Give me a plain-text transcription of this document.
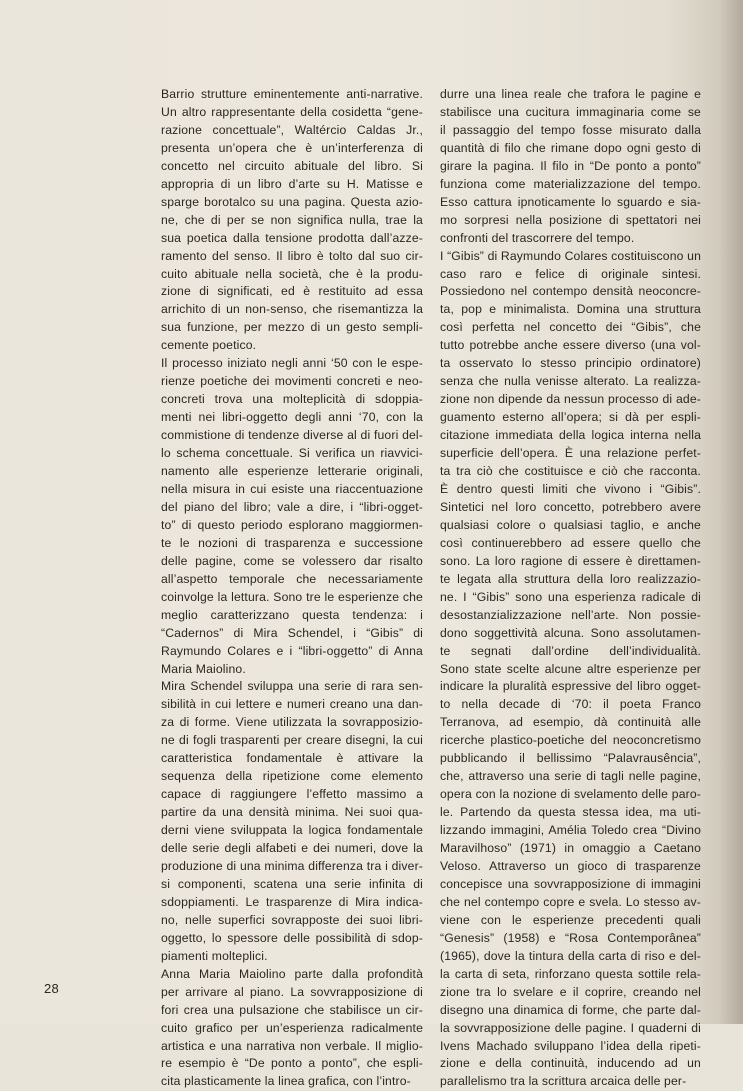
Barrio strutture eminentemente anti-narrative.
Un altro rappresentante della cosidetta “gene-
razione concettuale”, Waltércio Caldas Jr.,
presenta un’opera che è un’interferenza di
concetto nel circuito abituale del libro. Si
appropria di un libro d’arte su H. Matisse e
sparge borotalco su una pagina. Questa azio-
ne, che di per se non significa nulla, trae la
sua poetica dalla tensione prodotta dall’azze-
ramento del senso. Il libro è tolto dal suo cir-
cuito abituale nella società, che è la produ-
zione di significati, ed è restituito ad essa
arrichito di un non-senso, che risemantizza la
sua funzione, per mezzo di un gesto sempli-
cemente poetico.
Il processo iniziato negli anni ‘50 con le espe-
rienze poetiche dei movimenti concreti e neo-
concreti trova una molteplicità di sdoppia-
menti nei libri-oggetto degli anni ‘70, con la
commistione di tendenze diverse al di fuori del-
lo schema concettuale. Si verifica un riavvici-
namento alle esperienze letterarie originali,
nella misura in cui esiste una riaccentuazione
del piano del libro; vale a dire, i “libri-ogget-
to” di questo periodo esplorano maggiormen-
te le nozioni di trasparenza e successione
delle pagine, come se volessero dar risalto
all’aspetto temporale che necessariamente
coinvolge la lettura. Sono tre le esperienze che
meglio caratterizzano questa tendenza: i
“Cadernos” di Mira Schendel, i “Gibis” di
Raymundo Colares e i “libri-oggetto” di Anna
Maria Maiolino.
Mira Schendel sviluppa una serie di rara sen-
sibilità in cui lettere e numeri creano una dan-
za di forme. Viene utilizzata la sovrapposizio-
ne di fogli trasparenti per creare disegni, la cui
caratteristica fondamentale è attivare la
sequenza della ripetizione come elemento
capace di raggiungere l’effetto massimo a
partire da una densità minima. Nei suoi qua-
derni viene sviluppata la logica fondamentale
delle serie degli alfabeti e dei numeri, dove la
produzione di una minima differenza tra i diver-
si componenti, scatena una serie infinita di
sdoppiamenti. Le trasparenze di Mira indica-
no, nelle superfici sovrapposte dei suoi libri-
oggetto, lo spessore delle possibilità di sdop-
piamenti molteplici.
Anna Maria Maiolino parte dalla profondità
per arrivare al piano. La sovvrapposizione di
fori crea una pulsazione che stabilisce un cir-
cuito grafico per un’esperienza radicalmente
artistica e una narrativa non verbale. Il miglio-
re esempio è “De ponto a ponto”, che espli-
cita plasticamente la linea grafica, con l’intro-
durre una linea reale che trafora le pagine e
stabilisce una cucitura immaginaria come se
il passaggio del tempo fosse misurato dalla
quantità di filo che rimane dopo ogni gesto di
girare la pagina. Il filo in “De ponto a ponto”
funziona come materializzazione del tempo.
Esso cattura ipnoticamente lo sguardo e sia-
mo sorpresi nella posizione di spettatori nei
confronti del trascorrere del tempo.
I “Gibis” di Raymundo Colares costituiscono un
caso raro e felice di originale sintesi.
Possiedono nel contempo densità neoconcre-
ta, pop e minimalista. Domina una struttura
così perfetta nel concetto dei “Gibis”, che
tutto potrebbe anche essere diverso (una vol-
ta osservato lo stesso principio ordinatore)
senza che nulla venisse alterato. La realizza-
zione non dipende da nessun processo di ade-
guamento esterno all’opera; si dà per espli-
citazione immediata della logica interna nella
superficie dell’opera. È una relazione perfet-
ta tra ciò che costituisce e ciò che racconta.
È dentro questi limiti che vivono i “Gibis”.
Sintetici nel loro concetto, potrebbero avere
qualsiasi colore o qualsiasi taglio, e anche
così continuerebbero ad essere quello che
sono. La loro ragione di essere è direttamen-
te legata alla struttura della loro realizzazio-
ne. I “Gibis” sono una esperienza radicale di
desostanzializzazione nell’arte. Non possie-
dono soggettività alcuna. Sono assolutamen-
te segnati dall’ordine dell’individualità.
Sono state scelte alcune altre esperienze per
indicare la pluralità espressive del libro ogget-
to nella decade di ‘70: il poeta Franco
Terranova, ad esempio, dà continuità alle
ricerche plastico-poetiche del neoconcretismo
pubblicando il bellissimo “Palavrausência”,
che, attraverso una serie di tagli nelle pagine,
opera con la nozione di svelamento delle paro-
le. Partendo da questa stessa idea, ma uti-
lizzando immagini, Amélia Toledo crea “Divino
Maravilhoso” (1971) in omaggio a Caetano
Veloso. Attraverso un gioco di trasparenze
concepisce una sovvrapposizione di immagini
che nel contempo copre e svela. Lo stesso av-
viene con le esperienze precedenti quali
“Genesis” (1958) e “Rosa Contemporânea”
(1965), dove la tintura della carta di riso e del-
la carta di seta, rinforzano questa sottile rela-
zione tra lo svelare e il coprire, creando nel
disegno una dinamica di forme, che parte dal-
la sovvrapposizione delle pagine. I quaderni di
Ivens Machado sviluppano l’idea della ripeti-
zione e della continuità, inducendo ad un
parallelismo tra la scrittura arcaica delle per-
28
